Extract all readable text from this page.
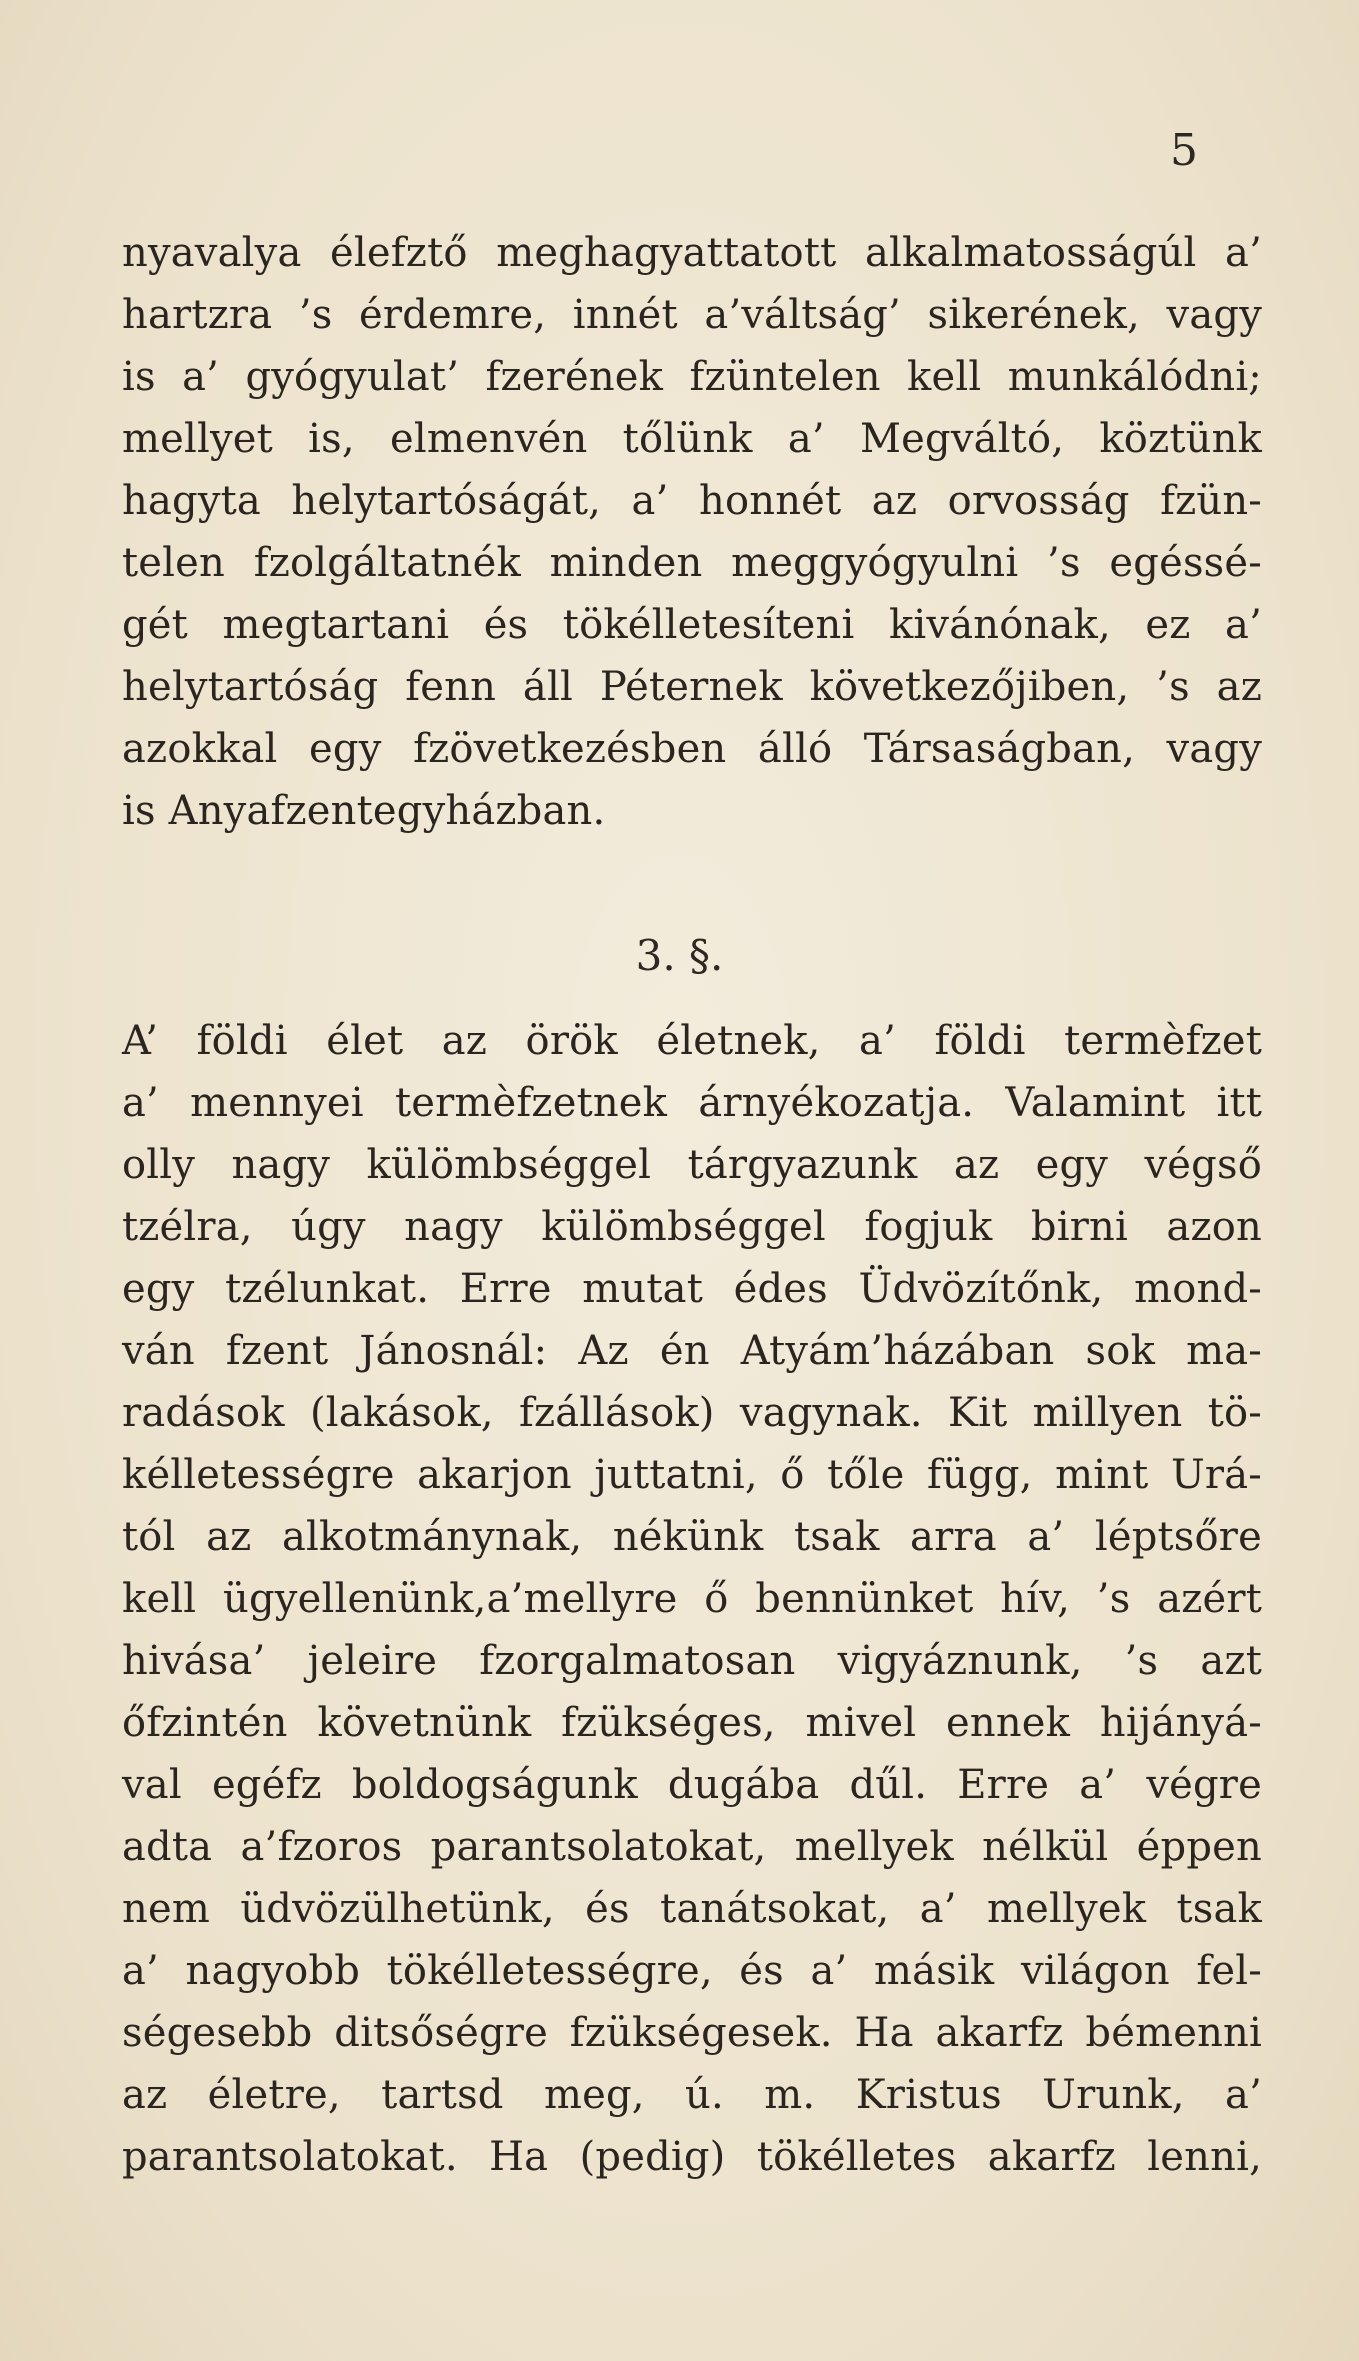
5
nyavalya élefztő meghagyattatott alkalmatosságúl a’
hartzra ’s érdemre, innét a’váltság’ sikerének, vagy
is a’ gyógyulat’ fzerének fzüntelen kell munkálódni;
mellyet is, elmenvén tőlünk a’ Megváltó, köztünk
hagyta helytartóságát, a’ honnét az orvosság fzün-
telen fzolgáltatnék minden meggyógyulni ’s egéssé-
gét megtartani és tökélletesíteni kivánónak, ez a’
helytartóság fenn áll Péternek következőjiben, ’s az
azokkal egy fzövetkezésben álló Társaságban, vagy
is Anyafzentegyházban.
3. §.
A’ földi élet az örök életnek, a’ földi termèfzet
a’ mennyei termèfzetnek árnyékozatja. Valamint itt
olly nagy külömbséggel tárgyazunk az egy végső
tzélra, úgy nagy külömbséggel fogjuk birni azon
egy tzélunkat. Erre mutat édes Üdvözítőnk, mond-
ván fzent Jánosnál: Az én Atyám’házában sok ma-
radások (lakások, fzállások) vagynak. Kit millyen tö-
kélletességre akarjon juttatni, ő tőle függ, mint Urá-
tól az alkotmánynak, nékünk tsak arra a’ léptsőre
kell ügyellenünk,a’mellyre ő bennünket hív, ’s azért
hivása’ jeleire fzorgalmatosan vigyáznunk, ’s azt
őfzintén követnünk fzükséges, mivel ennek hijányá-
val egéfz boldogságunk dugába dűl. Erre a’ végre
adta a’fzoros parantsolatokat, mellyek nélkül éppen
nem üdvözülhetünk, és tanátsokat, a’ mellyek tsak
a’ nagyobb tökélletességre, és a’ másik világon fel-
ségesebb ditsőségre fzükségesek. Ha akarfz bémenni
az életre, tartsd meg, ú. m. Kristus Urunk, a’
parantsolatokat. Ha (pedig) tökélletes akarfz lenni,
